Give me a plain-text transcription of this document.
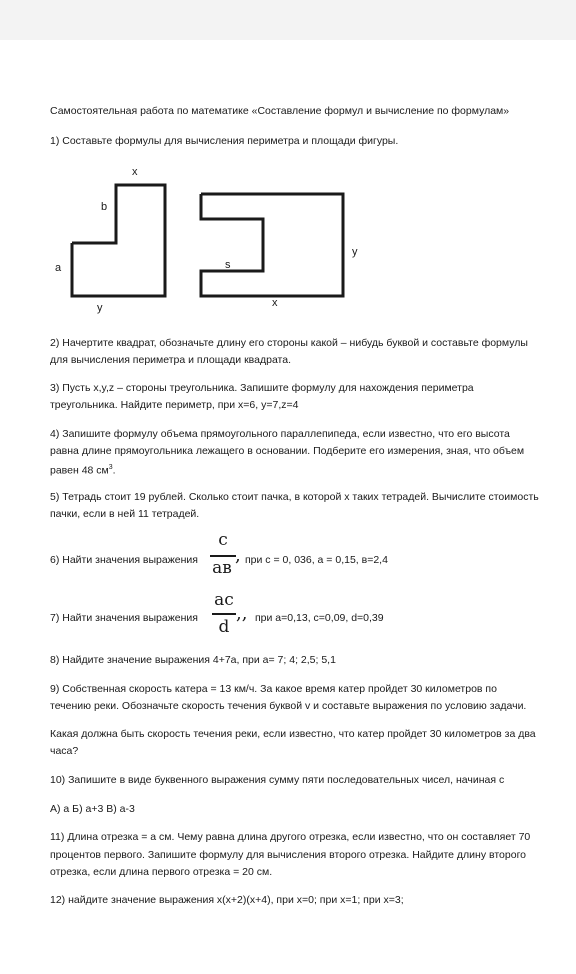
Самостоятельная работа по математике «Составление формул и вычисление по формулам»
1) Составьте формулы для вычисления периметра и площади фигуры.
x
b
a
y
s
y
x
2) Начертите квадрат, обозначьте длину его стороны какой – нибудь буквой и составьте формулы
для вычисления периметра и площади квадрата.
3) Пусть x,y,z – стороны треугольника. Запишите формулу для нахождения периметра
треугольника. Найдите периметр, при x=6, y=7,z=4
4) Запишите формулу объема прямоугольного параллепипеда, если известно, что его высота
равна длине прямоугольника лежащего в основании. Подберите его измерения, зная, что объем
равен 48 $см^3$.
5) Тетрадь стоит 19 рублей. Сколько стоит пачка, в которой x таких тетрадей. Вычислите стоимость
пачки, если в ней 11 тетрадей.
6) Найти значения выражения
с
ав
, при с = 0, 036, а = 0,15, в=2,4
7) Найти значения выражения
ac
d
,, при a=0,13, c=0,09, d=0,39
8) Найдите значение выражения 4+7a, при a= 7; 4; 2,5; 5,1
9) Собственная скорость катера = 13 км/ч. За какое время катер пройдет 30 километров по
течению реки. Обозначьте скорость течения буквой v и составьте выражения по условию задачи.
Какая должна быть скорость течения реки, если известно, что катер пройдет 30 километров за два
часа?
10) Запишите в виде буквенного выражения сумму пяти последовательных чисел, начиная с
А) а Б) а+3 В) а-3
11) Длина отрезка = а см. Чему равна длина другого отрезка, если известно, что он составляет 70
процентов первого. Запишите формулу для вычисления второго отрезка. Найдите длину второго
отрезка, если длина первого отрезка = 20 см.
12) найдите значение выражения x(x+2)(x+4), при x=0; при x=1; при x=3;
